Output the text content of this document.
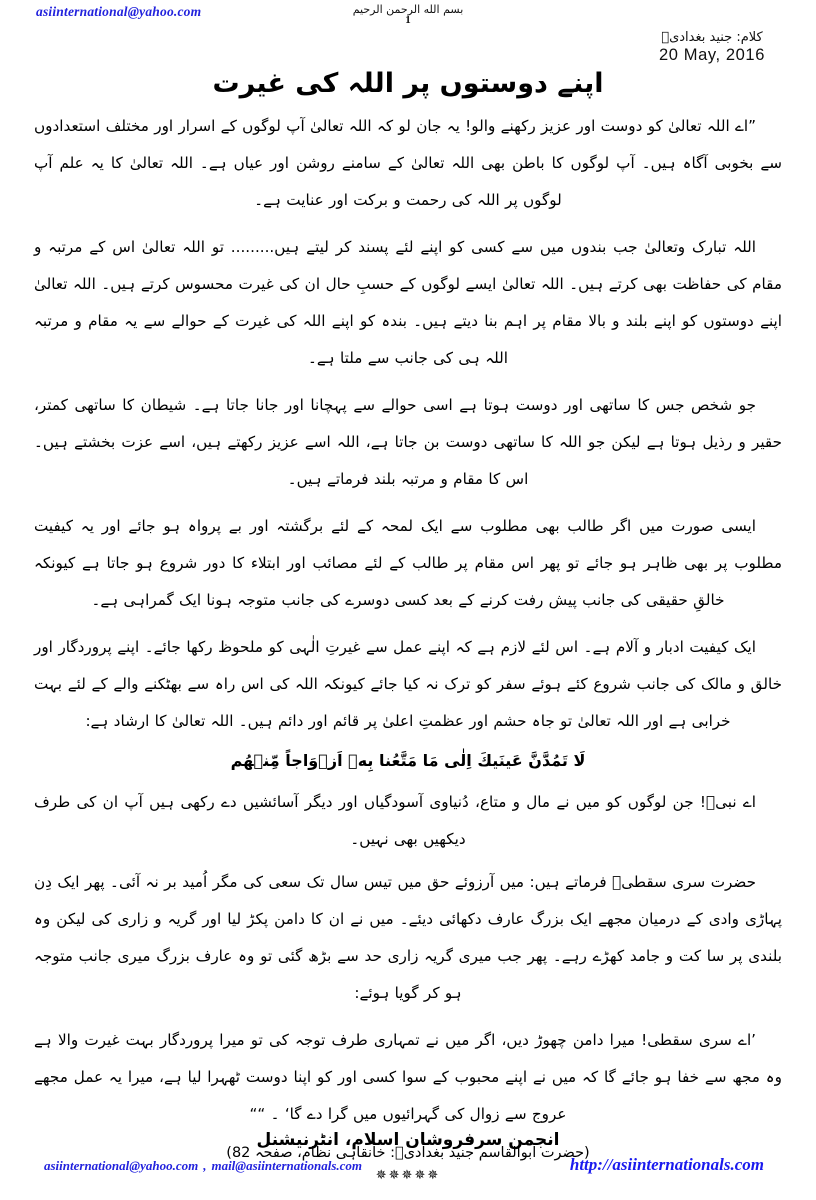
asiinternational@yahoo.com	بسم الله الرحمن الرحيم
1
کلام: جنید بغدادیؒ
20 May, 2016
اپنے دوستوں پر اللہ کی غیرت

”اے اللہ تعالیٰ کو دوست اور عزیز رکھنے والو! یہ جان لو کہ اللہ تعالیٰ آپ لوگوں کے اسرار اور مختلف استعدادوں سے بخوبی آگاہ ہیں۔ آپ لوگوں کا باطن بھی اللہ تعالیٰ کے سامنے روشن اور عیاں ہے۔ اللہ تعالیٰ کا یہ علم آپ لوگوں پر اللہ کی رحمت و برکت اور عنایت ہے۔

اللہ تبارک وتعالیٰ جب بندوں میں سے کسی کو اپنے لئے پسند کر لیتے ہیں......... تو اللہ تعالیٰ اس کے مرتبہ و مقام کی حفاظت بھی کرتے ہیں۔ اللہ تعالیٰ ایسے لوگوں کے حسبِ حال ان کی غیرت محسوس کرتے ہیں۔ اللہ تعالیٰ اپنے دوستوں کو اپنے بلند و بالا مقام پر اہم بنا دیتے ہیں۔ بندہ کو اپنے اللہ کی غیرت کے حوالے سے یہ مقام و مرتبہ اللہ ہی کی جانب سے ملتا ہے۔

جو شخص جس کا ساتھی اور دوست ہوتا ہے اسی حوالے سے پہچانا اور جانا جاتا ہے۔ شیطان کا ساتھی کمتر، حقیر و رذیل ہوتا ہے لیکن جو اللہ کا ساتھی دوست بن جاتا ہے، اللہ اسے عزیز رکھتے ہیں، اسے عزت بخشتے ہیں۔ اس کا مقام و مرتبہ بلند فرماتے ہیں۔

ایسی صورت میں اگر طالب بھی مطلوب سے ایک لمحہ کے لئے برگشتہ اور بے پرواہ ہو جائے اور یہ کیفیت مطلوب پر بھی ظاہر ہو جائے تو پھر اس مقام پر طالب کے لئے مصائب اور ابتلاء کا دور شروع ہو جاتا ہے کیونکہ خالقِ حقیقی کی جانب پیش رفت کرنے کے بعد کسی دوسرے کی جانب متوجہ ہونا ایک گمراہی ہے۔

ایک کیفیت ادبار و آلام ہے۔ اس لئے لازم ہے کہ اپنے عمل سے غیرتِ الٰہی کو ملحوظ رکھا جائے۔ اپنے پروردگار اور خالق و مالک کی جانب شروع کئے ہوئے سفر کو ترک نہ کیا جائے کیونکہ اللہ کی اس راہ سے بھٹکنے والے کے لئے بہت خرابی ہے اور اللہ تعالیٰ تو جاہ حشم اور عظمتِ اعلیٰ پر قائم اور دائم ہیں۔ اللہ تعالیٰ کا ارشاد ہے:

لَا تَمُدَّنَّ عَينَيكَ اِلٰى مَا مَتَّعُنا بِهٖ اَزۡوَاجاً مِّنۡهُم

اے نبیؐ! جن لوگوں کو میں نے مال و متاع، دُنیاوی آسودگیاں اور دیگر آسائشیں دے رکھی ہیں آپ ان کی طرف دیکھیں بھی نہیں۔

حضرت سری سقطیؒ فرماتے ہیں: میں آرزوئے حق میں تیس سال تک سعی کی مگر اُمید بر نہ آئی۔ پھر ایک دِن پہاڑی وادی کے درمیان مجھے ایک بزرگ عارف دکھائی دیئے۔ میں نے ان کا دامن پکڑ لیا اور گریہ و زاری کی لیکن وہ بلندی پر سا کت و جامد کھڑے رہے۔ پھر جب میری گریہ زاری حد سے بڑھ گئی تو وہ عارف بزرگ میری جانب متوجہ ہو کر گویا ہوئے:

’اے سری سقطی! میرا دامن چھوڑ دیں، اگر میں نے تمہاری طرف توجہ کی تو میرا پروردگار بہت غیرت والا ہے وہ مجھ سے خفا ہو جائے گا کہ میں نے اپنے محبوب کے سوا کسی اور کو اپنا دوست ٹھہرا لیا ہے، میرا یہ عمل مجھے عروج سے زوال کی گہرائیوں میں گرا دے گا‘ ۔ ““

(حضرت ابوالقاسم جنید بغدادیؒ: خانقاہی نظام، صفحہ 82)

✵✵✵✵✵
انجمن سرفروشان اسلام، انٹرنیشنل
asiinternational@yahoo.com , mail@asiinternationals.com	http://asiinternationals.com
